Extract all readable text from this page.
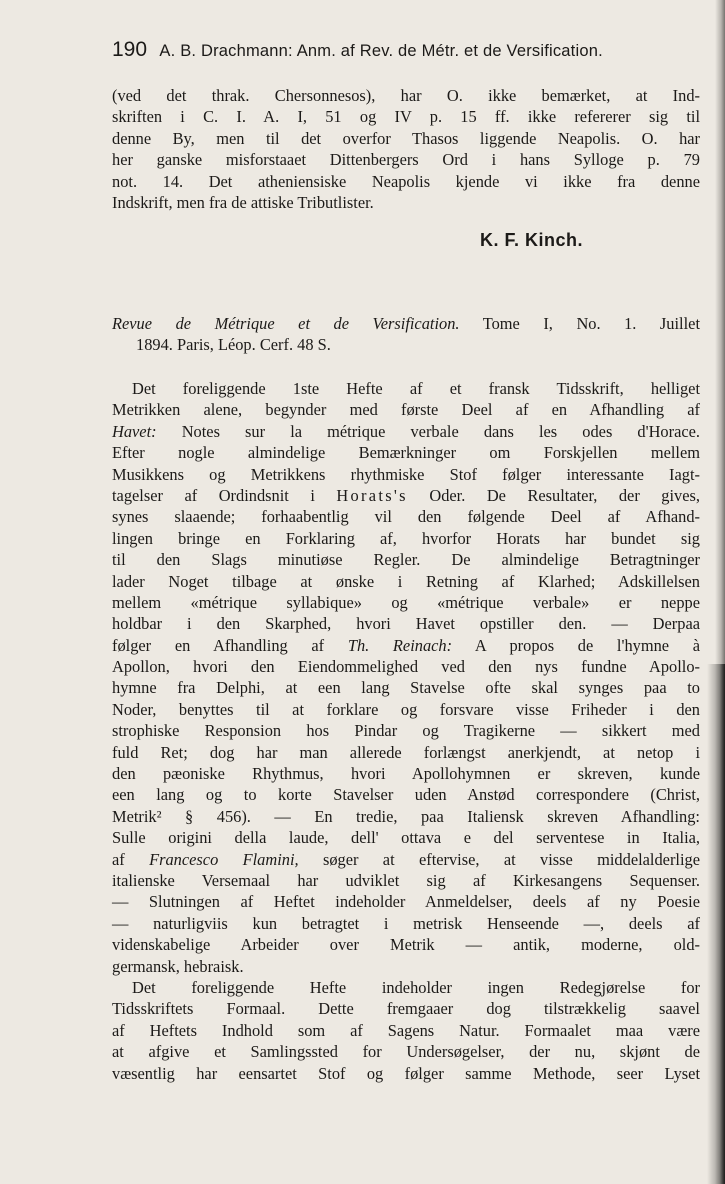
190 A. B. Drachmann: Anm. af Rev. de Métr. et de Versification.
(ved det thrak. Chersonnesos), har O. ikke bemærket, at Ind-
skriften i C. I. A. I, 51 og IV p. 15 ff. ikke refererer sig til
denne By, men til det overfor Thasos liggende Neapolis. O. har
her ganske misforstaaet Dittenbergers Ord i hans Sylloge p. 79
not. 14. Det atheniensiske Neapolis kjende vi ikke fra denne
Indskrift, men fra de attiske Tributlister.
K. F. Kinch.
Revue de Métrique et de Versification. Tome I, No. 1. Juillet
1894. Paris, Léop. Cerf. 48 S.
Det foreliggende 1ste Hefte af et fransk Tidsskrift, helliget
Metrikken alene, begynder med første Deel af en Afhandling af
Havet: Notes sur la métrique verbale dans les odes d'Horace.
Efter nogle almindelige Bemærkninger om Forskjellen mellem
Musikkens og Metrikkens rhythmiske Stof følger interessante Iagt-
tagelser af Ordindsnit i Horats's Oder. De Resultater, der gives,
synes slaaende; forhaabentlig vil den følgende Deel af Afhand-
lingen bringe en Forklaring af, hvorfor Horats har bundet sig
til den Slags minutiøse Regler. De almindelige Betragtninger
lader Noget tilbage at ønske i Retning af Klarhed; Adskillelsen
mellem «métrique syllabique» og «métrique verbale» er neppe
holdbar i den Skarphed, hvori Havet opstiller den. — Derpaa
følger en Afhandling af Th. Reinach: A propos de l'hymne à
Apollon, hvori den Eiendommelighed ved den nys fundne Apollo-
hymne fra Delphi, at een lang Stavelse ofte skal synges paa to
Noder, benyttes til at forklare og forsvare visse Friheder i den
strophiske Responsion hos Pindar og Tragikerne — sikkert med
fuld Ret; dog har man allerede forlængst anerkjendt, at netop i
den pæoniske Rhythmus, hvori Apollohymnen er skreven, kunde
een lang og to korte Stavelser uden Anstød correspondere (Christ,
Metrik² § 456). — En tredie, paa Italiensk skreven Afhandling:
Sulle origini della laude, dell' ottava e del serventese in Italia,
af Francesco Flamini, søger at eftervise, at visse middelalderlige
italienske Versemaal har udviklet sig af Kirkesangens Sequenser.
— Slutningen af Heftet indeholder Anmeldelser, deels af ny Poesie
— naturligviis kun betragtet i metrisk Henseende —, deels af
videnskabelige Arbeider over Metrik — antik, moderne, old-
germansk, hebraisk.
Det foreliggende Hefte indeholder ingen Redegjørelse for
Tidsskriftets Formaal. Dette fremgaaer dog tilstrækkelig saavel
af Heftets Indhold som af Sagens Natur. Formaalet maa være
at afgive et Samlingssted for Undersøgelser, der nu, skjønt de
væsentlig har eensartet Stof og følger samme Methode, seer Lyset
